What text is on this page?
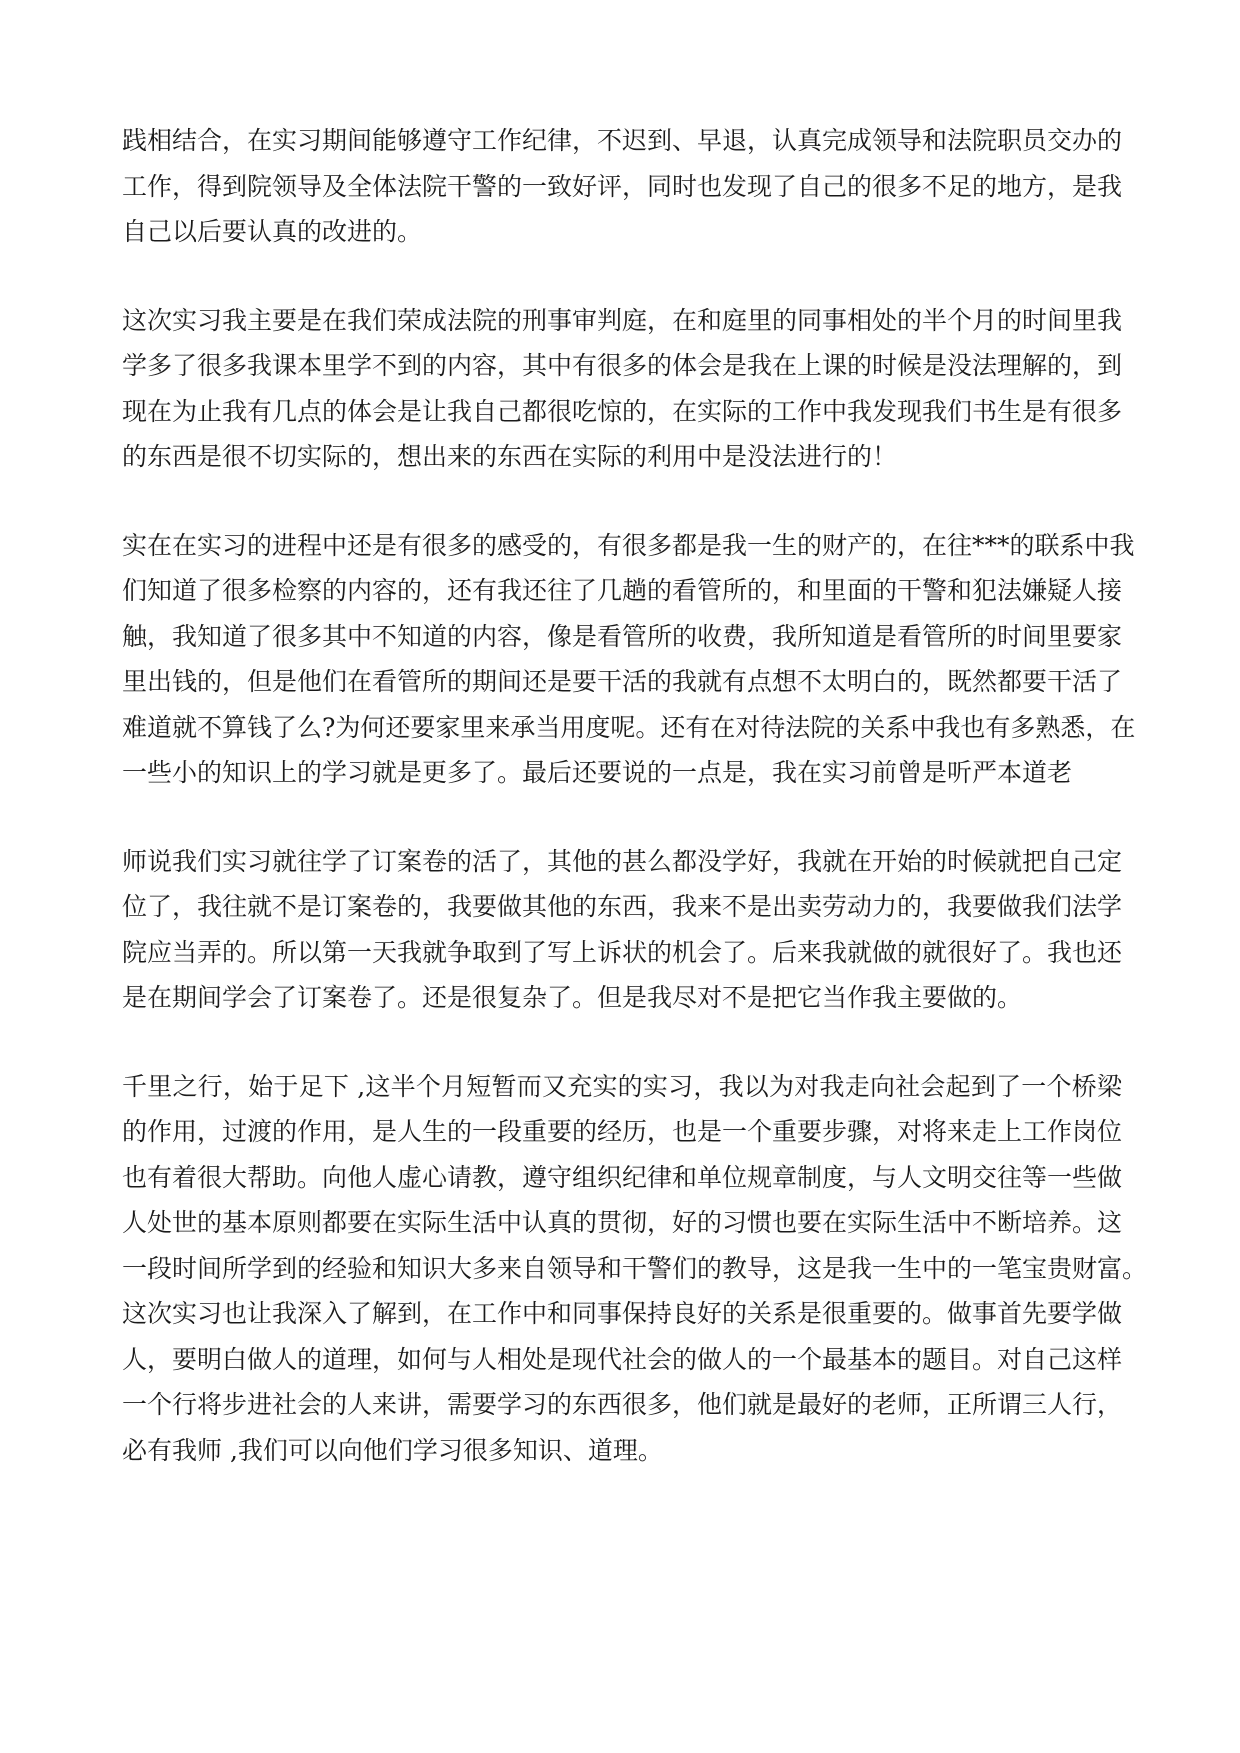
践相结合，在实习期间能够遵守工作纪律，不迟到、早退，认真完成领导和法院职员交办的
工作，得到院领导及全体法院干警的一致好评，同时也发现了自己的很多不足的地方，是我
自己以后要认真的改进的。
这次实习我主要是在我们荣成法院的刑事审判庭，在和庭里的同事相处的半个月的时间里我
学多了很多我课本里学不到的内容，其中有很多的体会是我在上课的时候是没法理解的，到
现在为止我有几点的体会是让我自己都很吃惊的，在实际的工作中我发现我们书生是有很多
的东西是很不切实际的，想出来的东西在实际的利用中是没法进行的！
实在在实习的进程中还是有很多的感受的，有很多都是我一生的财产的，在往***的联系中我
们知道了很多检察的内容的，还有我还往了几趟的看管所的，和里面的干警和犯法嫌疑人接
触，我知道了很多其中不知道的内容，像是看管所的收费，我所知道是看管所的时间里要家
里出钱的，但是他们在看管所的期间还是要干活的我就有点想不太明白的，既然都要干活了
难道就不算钱了么?为何还要家里来承当用度呢。还有在对待法院的关系中我也有多熟悉，在
一些小的知识上的学习就是更多了。最后还要说的一点是，我在实习前曾是听严本道老
师说我们实习就往学了订案卷的活了，其他的甚么都没学好，我就在开始的时候就把自己定
位了，我往就不是订案卷的，我要做其他的东西，我来不是出卖劳动力的，我要做我们法学
院应当弄的。所以第一天我就争取到了写上诉状的机会了。后来我就做的就很好了。我也还
是在期间学会了订案卷了。还是很复杂了。但是我尽对不是把它当作我主要做的。
千里之行，始于足下 ,这半个月短暂而又充实的实习，我以为对我走向社会起到了一个桥梁
的作用，过渡的作用，是人生的一段重要的经历，也是一个重要步骤，对将来走上工作岗位
也有着很大帮助。向他人虚心请教，遵守组织纪律和单位规章制度，与人文明交往等一些做
人处世的基本原则都要在实际生活中认真的贯彻，好的习惯也要在实际生活中不断培养。这
一段时间所学到的经验和知识大多来自领导和干警们的教导，这是我一生中的一笔宝贵财富。
这次实习也让我深入了解到，在工作中和同事保持良好的关系是很重要的。做事首先要学做
人，要明白做人的道理，如何与人相处是现代社会的做人的一个最基本的题目。对自己这样
一个行将步进社会的人来讲，需要学习的东西很多，他们就是最好的老师，正所谓三人行，
必有我师 ,我们可以向他们学习很多知识、道理。
